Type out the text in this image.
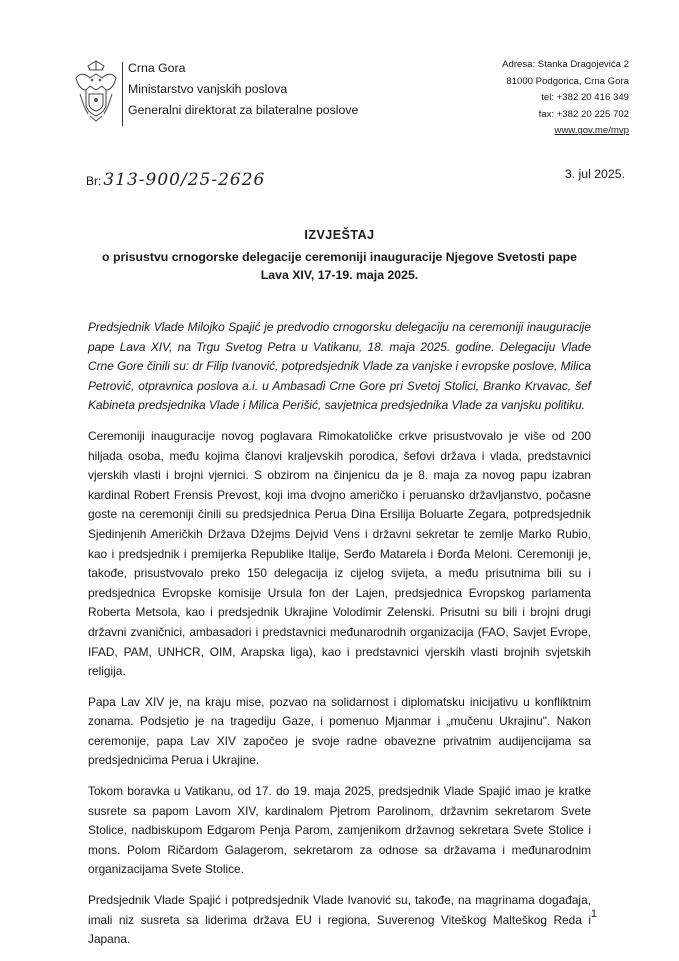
Crna Gora
Ministarstvo vanjskih poslova
Generalni direktorat za bilateralne poslove
Adresa: Stanka Dragojevića 2
81000 Podgorica, Crna Gora
tel: +382 20 416 349
fax: +382 20 225 702
www.gov.me/mvp
Br: 313-900/25-2626	3. jul 2025.
IZVJEŠTAJ
o prisustvu crnogorske delegacije ceremoniji inauguracije Njegove Svetosti pape Lava XIV, 17-19. maja 2025.

Predsjednik Vlade Milojko Spajić je predvodio crnogorsku delegaciju na ceremoniji inauguracije pape Lava XIV, na Trgu Svetog Petra u Vatikanu, 18. maja 2025. godine. Delegaciju Vlade Crne Gore činili su: dr Filip Ivanović, potpredsjednik Vlade za vanjske i evropske poslove, Milica Petrović, otpravnica poslova a.i. u Ambasadi Crne Gore pri Svetoj Stolici, Branko Krvavac, šef Kabineta predsjednika Vlade i Milica Perišić, savjetnica predsjednika Vlade za vanjsku politiku.

Ceremoniji inauguracije novog poglavara Rimokatoličke crkve prisustvovalo je više od 200 hiljada osoba, među kojima članovi kraljevskih porodica, šefovi država i vlada, predstavnici vjerskih vlasti i brojni vjernici. S obzirom na činjenicu da je 8. maja za novog papu izabran kardinal Robert Frensis Prevost, koji ima dvojno američko i peruansko državljanstvo, počasne goste na ceremoniji činili su predsjednica Perua Dina Ersilija Boluarte Zegara, potpredsjednik Sjedinjenih Američkih Država Džejms Dejvid Vens i državni sekretar te zemlje Marko Rubio, kao i predsjednik i premijerka Republike Italije, Serđo Matarela i Đorđa Meloni. Ceremoniji je, takođe, prisustvovalo preko 150 delegacija iz cijelog svijeta, a među prisutnima bili su i predsjednica Evropske komisije Ursula fon der Lajen, predsjednica Evropskog parlamenta Roberta Metsola, kao i predsjednik Ukrajine Volodimir Zelenski. Prisutni su bili i brojni drugi državni zvaničnici, ambasadori i predstavnici međunarodnih organizacija (FAO, Savjet Evrope, IFAD, PAM, UNHCR, OIM, Arapska liga), kao i predstavnici vjerskih vlasti brojnih svjetskih religija.

Papa Lav XIV je, na kraju mise, pozvao na solidarnost i diplomatsku inicijativu u konfliktnim zonama. Podsjetio je na tragediju Gaze, i pomenuo Mjanmar i „mučenu Ukrajinu". Nakon ceremonije, papa Lav XIV započeo je svoje radne obavezne privatnim audijencijama sa predsjednicima Perua i Ukrajine.

Tokom boravka u Vatikanu, od 17. do 19. maja 2025, predsjednik Vlade Spajić imao je kratke susrete sa papom Lavom XIV, kardinalom Pjetrom Parolinom, državnim sekretarom Svete Stolice, nadbiskupom Edgarom Penja Parom, zamjenikom državnog sekretara Svete Stolice i mons. Polom Ričardom Galagerom, sekretarom za odnose sa državama i međunarodnim organizacijama Svete Stolice.

Predsjednik Vlade Spajić i potpredsjednik Vlade Ivanović su, takođe, na magrinama događaja, imali niz susreta sa liderima država EU i regiona, Suverenog Viteškog Malteškog Reda i Japana.

1
